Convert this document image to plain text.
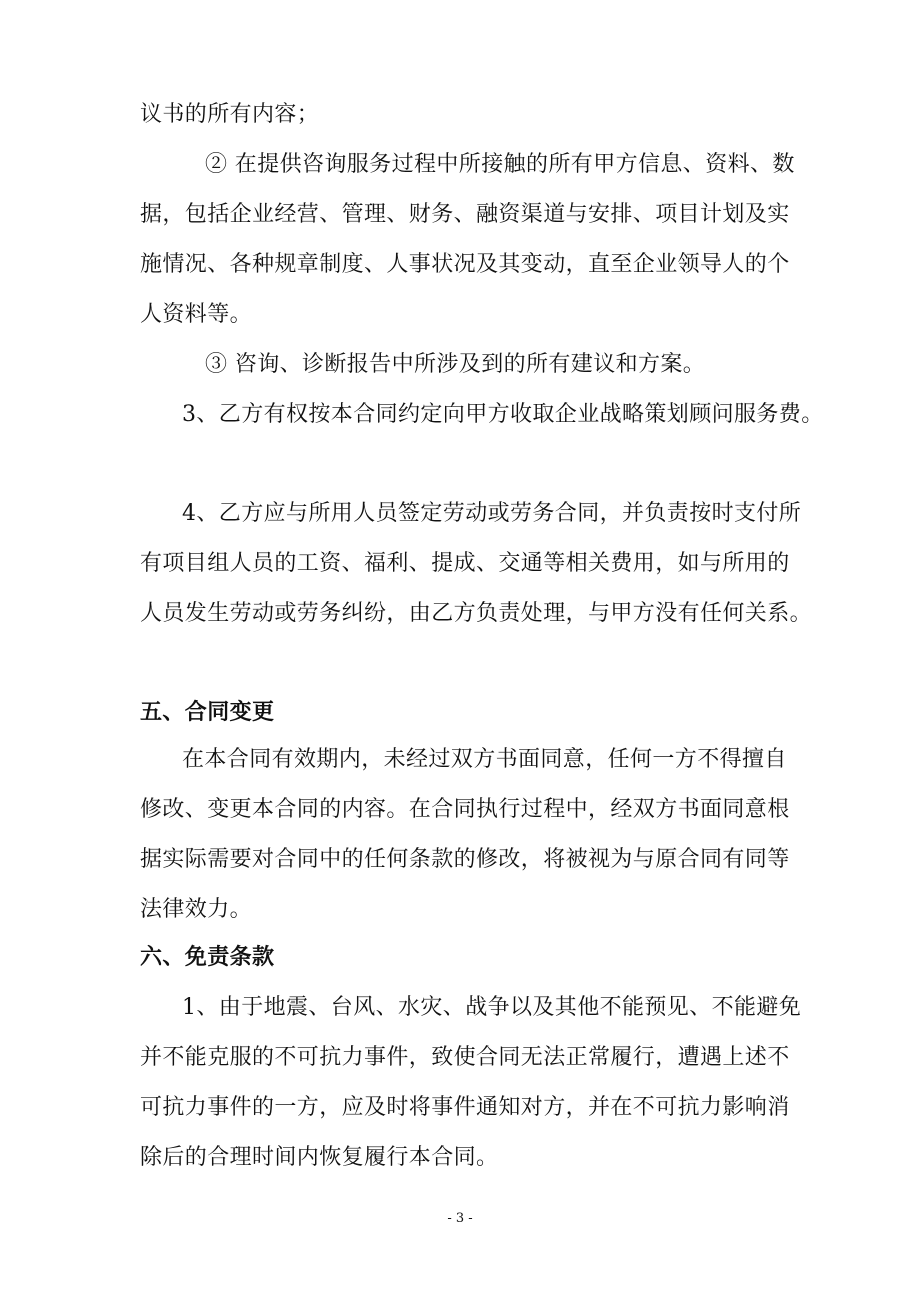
议书的所有内容；
② 在提供咨询服务过程中所接触的所有甲方信息、资料、数
据，包括企业经营、管理、财务、融资渠道与安排、项目计划及实
施情况、各种规章制度、人事状况及其变动，直至企业领导人的个
人资料等。
③ 咨询、诊断报告中所涉及到的所有建议和方案。
3、乙方有权按本合同约定向甲方收取企业战略策划顾问服务费。
4、乙方应与所用人员签定劳动或劳务合同，并负责按时支付所
有项目组人员的工资、福利、提成、交通等相关费用，如与所用的
人员发生劳动或劳务纠纷，由乙方负责处理，与甲方没有任何关系。
五、合同变更
在本合同有效期内，未经过双方书面同意，任何一方不得擅自
修改、变更本合同的内容。在合同执行过程中，经双方书面同意根
据实际需要对合同中的任何条款的修改，将被视为与原合同有同等
法律效力。
六、免责条款
1、由于地震、台风、水灾、战争以及其他不能预见、不能避免
并不能克服的不可抗力事件，致使合同无法正常履行，遭遇上述不
可抗力事件的一方，应及时将事件通知对方，并在不可抗力影响消
除后的合理时间内恢复履行本合同。
- 3 -
